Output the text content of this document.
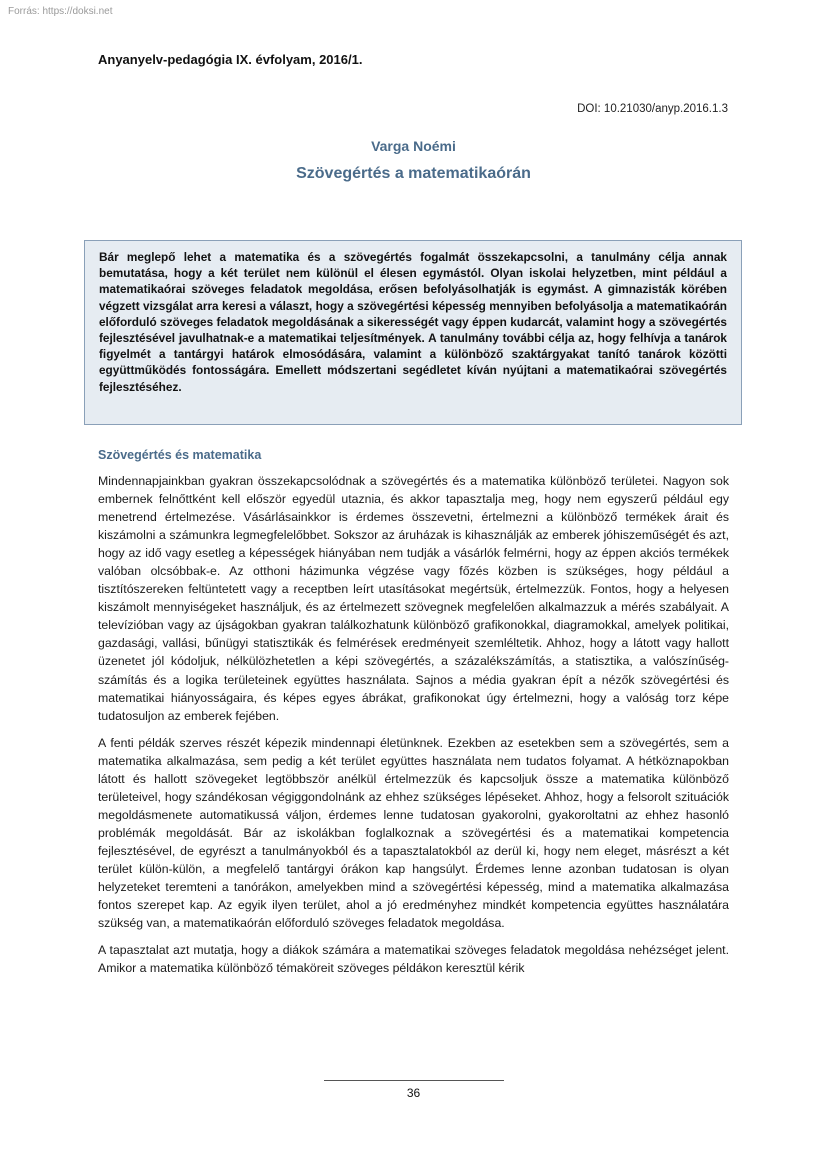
Forrás: https://doksi.net
Anyanyelv-pedagógia IX. évfolyam, 2016/1.
DOI: 10.21030/anyp.2016.1.3
Varga Noémi
Szövegértés a matematikaórán
Bár meglepő lehet a matematika és a szövegértés fogalmát összekapcsolni, a tanulmány célja annak bemutatása, hogy a két terület nem különül el élesen egymástól. Olyan iskolai helyzetben, mint például a matematikaórai szöveges feladatok megoldása, erősen befolyásolhatják is egymást. A gimnazisták körében végzett vizsgálat arra keresi a választ, hogy a szövegértési képesség mennyiben befolyásolja a matematikaórán előforduló szöveges feladatok megoldásának a sikerességét vagy éppen kudarcát, valamint hogy a szövegértés fejlesztésével javulhatnak-e a matematikai teljesítmények. A tanulmány további célja az, hogy felhívja a tanárok figyelmét a tantárgyi határok elmosódására, valamint a különböző szaktárgyakat tanító tanárok közötti együttműködés fontosságára. Emellett módszertani segédletet kíván nyújtani a matematikaórai szövegértés fejlesztéséhez.
Szövegértés és matematika

Mindennapjainkban gyakran összekapcsolódnak a szövegértés és a matematika különböző területei. Nagyon sok embernek felnőttként kell először egyedül utaznia, és akkor tapasztalja meg, hogy nem egyszerű például egy menetrend értelmezése. Vásárlásainkkor is érdemes összevetni, értelmezni a különböző termékek árait és kiszámolni a számunkra legmegfelelőbbet. Sokszor az áruházak is kihasználják az emberek jóhiszeműségét és azt, hogy az idő vagy esetleg a képességek hiányában nem tudják a vásárlók felmérni, hogy az éppen akciós termékek valóban olcsóbbak-e. Az otthoni házimunka végzése vagy főzés közben is szükséges, hogy például a tisztítószereken feltüntetett vagy a receptben leírt utasításokat megértsük, értelmezzük. Fontos, hogy a helyesen kiszámolt mennyiségeket használjuk, és az értelmezett szövegnek megfelelően alkalmazzuk a mérés szabályait. A televízióban vagy az újságokban gyakran találkozhatunk különböző grafikonokkal, diagramokkal, amelyek politikai, gazdasági, vallási, bűnügyi statisztikák és felmérések eredményeit szemléltetik. Ahhoz, hogy a látott vagy hallott üzenetet jól kódoljuk, nélkülözhetetlen a képi szövegértés, a százalékszámítás, a statisztika, a valószínűség-számítás és a logika területeinek együttes használata. Sajnos a média gyakran épít a nézők szövegértési és matematikai hiányosságaira, és képes egyes ábrákat, grafikonokat úgy értelmezni, hogy a valóság torz képe tudatosuljon az emberek fejében.

A fenti példák szerves részét képezik mindennapi életünknek. Ezekben az esetekben sem a szövegértés, sem a matematika alkalmazása, sem pedig a két terület együttes használata nem tudatos folyamat. A hétköznapokban látott és hallott szövegeket legtöbbször anélkül értelmezzük és kapcsoljuk össze a matematika különböző területeivel, hogy szándékosan végiggondolnánk az ehhez szükséges lépéseket. Ahhoz, hogy a felsorolt szituációk megoldásmenete automatikussá váljon, érdemes lenne tudatosan gyakorolni, gyakoroltatni az ehhez hasonló problémák megoldását. Bár az iskolákban foglalkoznak a szövegértési és a matematikai kompetencia fejlesztésével, de egyrészt a tanulmányokból és a tapasztalatokból az derül ki, hogy nem eleget, másrészt a két terület külön-külön, a megfelelő tantárgyi órákon kap hangsúlyt. Érdemes lenne azonban tudatosan is olyan helyzeteket teremteni a tanórákon, amelyekben mind a szövegértési képesség, mind a matematika alkalmazása fontos szerepet kap. Az egyik ilyen terület, ahol a jó eredményhez mindkét kompetencia együttes használatára szükség van, a matematikaórán előforduló szöveges feladatok megoldása.

A tapasztalat azt mutatja, hogy a diákok számára a matematikai szöveges feladatok megoldása nehézséget jelent. Amikor a matematika különböző témaköreit szöveges példákon keresztül kérik

36
